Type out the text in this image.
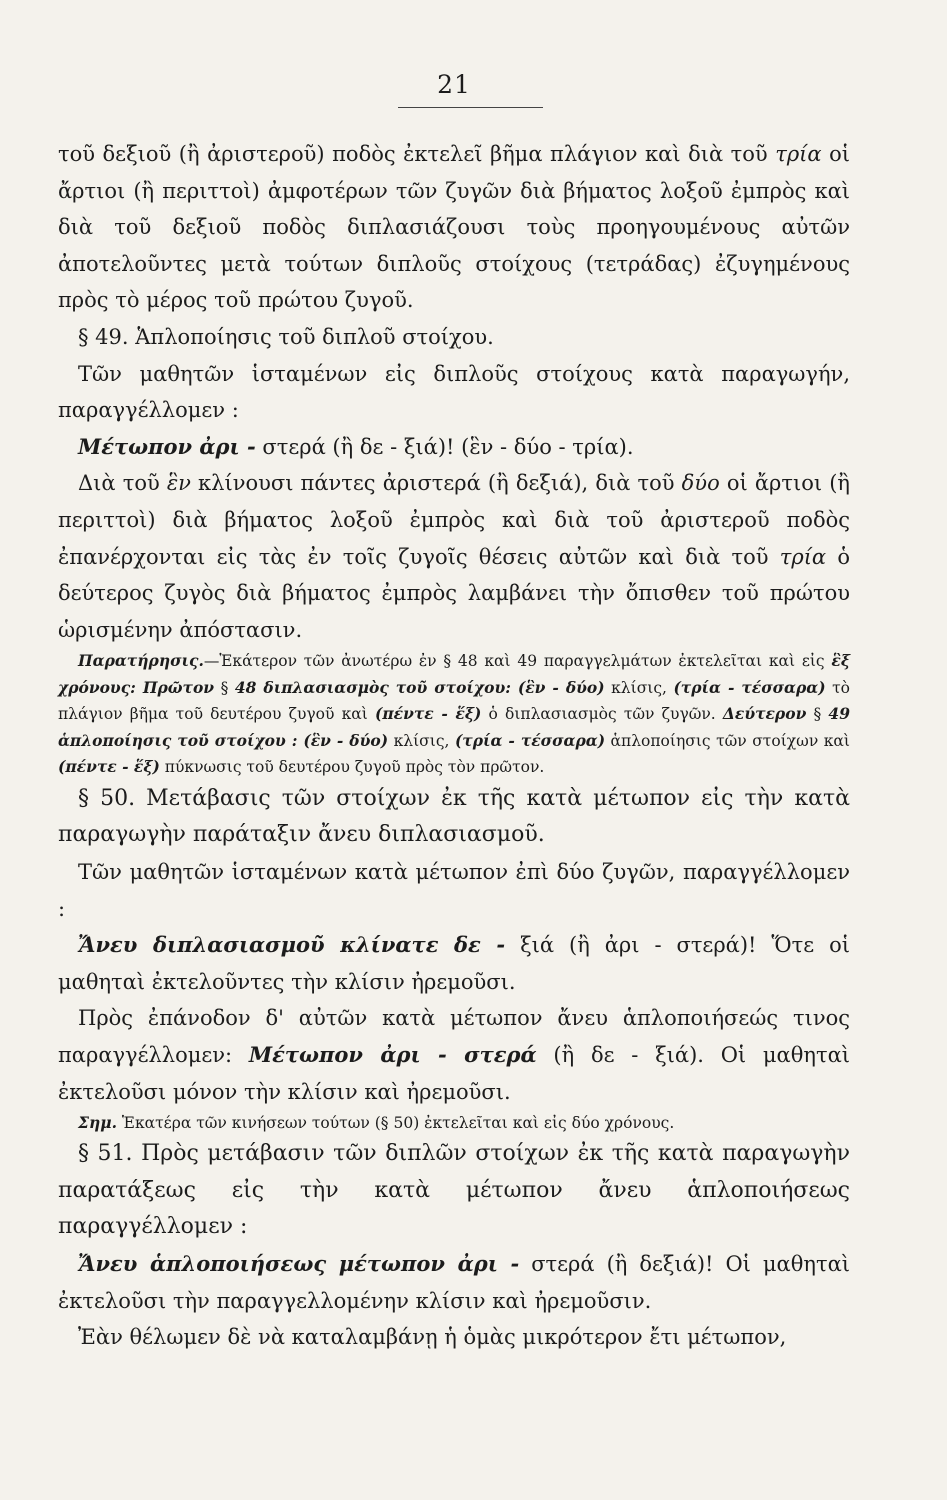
21

τοῦ δεξιοῦ (ἢ ἀριστεροῦ) ποδὸς ἐκτελεῖ βῆμα πλάγιον καὶ διὰ τοῦ τρία οἱ ἄρτιοι (ἢ περιττοὶ) ἀμφοτέρων τῶν ζυγῶν διὰ βήματος λοξοῦ ἐμπρὸς καὶ διὰ τοῦ δεξιοῦ ποδὸς διπλασιάζουσι τοὺς προηγουμένους αὐτῶν ἀποτελοῦντες μετὰ τούτων διπλοῦς στοίχους (τετράδας) ἐζυγημένους πρὸς τὸ μέρος τοῦ πρώτου ζυγοῦ.

§ 49. Ἁπλοποίησις τοῦ διπλοῦ στοίχου.

Τῶν μαθητῶν ἱσταμένων εἰς διπλοῦς στοίχους κατὰ παραγωγήν, παραγγέλλομεν :

Μέτωπον ἀρι - στερά (ἢ δε - ξιά)! (ἓν - δύο - τρία).

Διὰ τοῦ ἓν κλίνουσι πάντες ἀριστερά (ἢ δεξιά), διὰ τοῦ δύο οἱ ἄρτιοι (ἢ περιττοὶ) διὰ βήματος λοξοῦ ἐμπρὸς καὶ διὰ τοῦ ἀριστεροῦ ποδὸς ἐπανέρχονται εἰς τὰς ἐν τοῖς ζυγοῖς θέσεις αὐτῶν καὶ διὰ τοῦ τρία ὁ δεύτερος ζυγὸς διὰ βήματος ἐμπρὸς λαμβάνει τὴν ὄπισθεν τοῦ πρώτου ὡρισμένην ἀπόστασιν.

Παρατήρησις.—Ἑκάτερον τῶν ἀνωτέρω ἐν § 48 καὶ 49 παραγγελμάτων ἐκτελεῖται καὶ εἰς ἓξ χρόνους: Πρῶτον § 48 διπλασιασμὸς τοῦ στοίχου: (ἓν - δύο) κλίσις, (τρία - τέσσαρα) τὸ πλάγιον βῆμα τοῦ δευτέρου ζυγοῦ καὶ (πέντε - ἕξ) ὁ διπλασιασμὸς τῶν ζυγῶν. Δεύτερον § 49 ἁπλοποίησις τοῦ στοίχου : (ἓν - δύο) κλίσις, (τρία - τέσσαρα) ἁπλοποίησις τῶν στοίχων καὶ (πέντε - ἕξ) πύκνωσις τοῦ δευτέρου ζυγοῦ πρὸς τὸν πρῶτον.

§ 50. Μετάβασις τῶν στοίχων ἐκ τῆς κατὰ μέτωπον εἰς τὴν κατὰ παραγωγὴν παράταξιν ἄνευ διπλασιασμοῦ.

Τῶν μαθητῶν ἱσταμένων κατὰ μέτωπον ἐπὶ δύο ζυγῶν, παραγγέλλομεν :

Ἄνευ διπλασιασμοῦ κλίνατε δε - ξιά (ἢ ἀρι - στερά)! Ὅτε οἱ μαθηταὶ ἐκτελοῦντες τὴν κλίσιν ἠρεμοῦσι.

Πρὸς ἐπάνοδον δ' αὐτῶν κατὰ μέτωπον ἄνευ ἁπλοποιήσεώς τινος παραγγέλλομεν: Μέτωπον ἀρι - στερά (ἢ δε - ξιά). Οἱ μαθηταὶ ἐκτελοῦσι μόνον τὴν κλίσιν καὶ ἠρεμοῦσι.

Σημ. Ἑκατέρα τῶν κινήσεων τούτων (§ 50) ἐκτελεῖται καὶ εἰς δύο χρόνους.

§ 51. Πρὸς μετάβασιν τῶν διπλῶν στοίχων ἐκ τῆς κατὰ παραγωγὴν παρατάξεως εἰς τὴν κατὰ μέτωπον ἄνευ ἁπλοποιήσεως παραγγέλλομεν :

Ἄνευ ἁπλοποιήσεως μέτωπον ἀρι - στερά (ἢ δεξιά)! Οἱ μαθηταὶ ἐκτελοῦσι τὴν παραγγελλομένην κλίσιν καὶ ἠρεμοῦσιν.

Ἐὰν θέλωμεν δὲ νὰ καταλαμβάνῃ ἡ ὁμὰς μικρότερον ἔτι μέτωπον,
